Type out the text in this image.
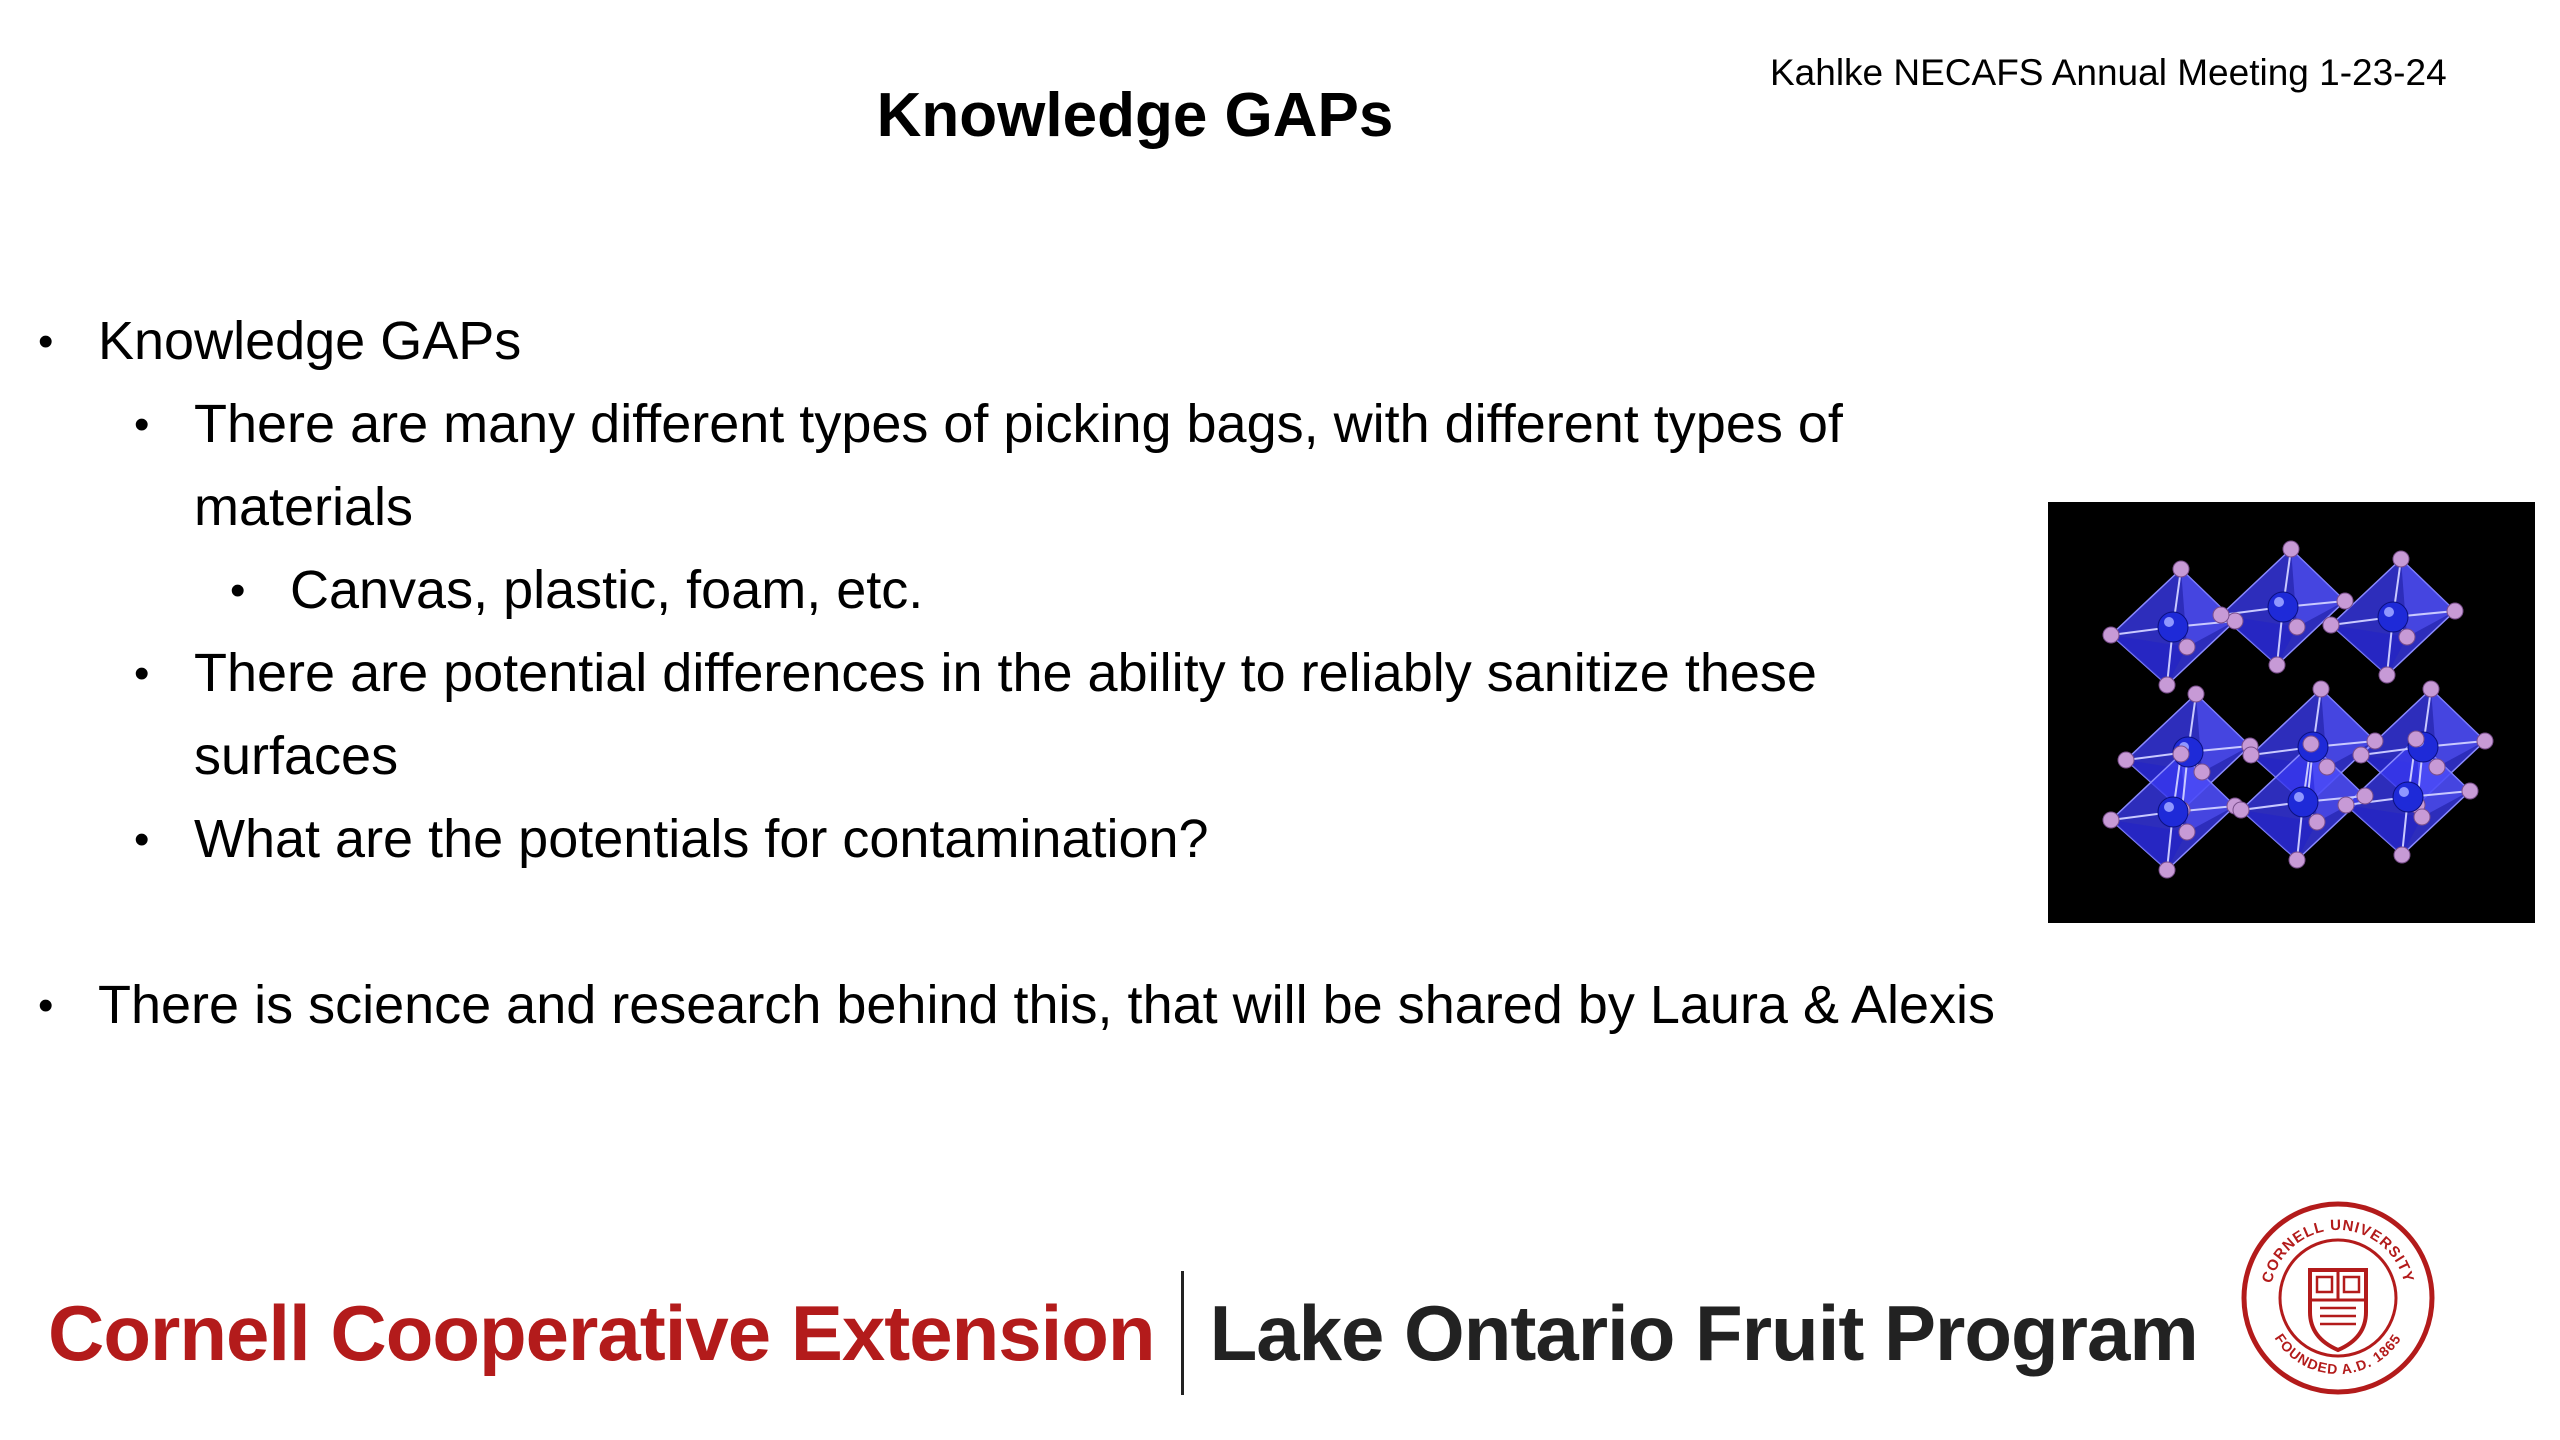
Kahlke NECAFS Annual Meeting 1-23-24
Knowledge GAPs
• Knowledge GAPs
• There are many different types of picking bags, with different types of materials
• Canvas, plastic, foam, etc.
• There are potential differences in the ability to reliably sanitize these surfaces
• What are the potentials for contamination?
• There is science and research behind this, that will be shared by Laura & Alexis
Cornell Cooperative Extension Lake Ontario Fruit Program
CORNELL UNIVERSITY
FOUNDED A.D. 1865
